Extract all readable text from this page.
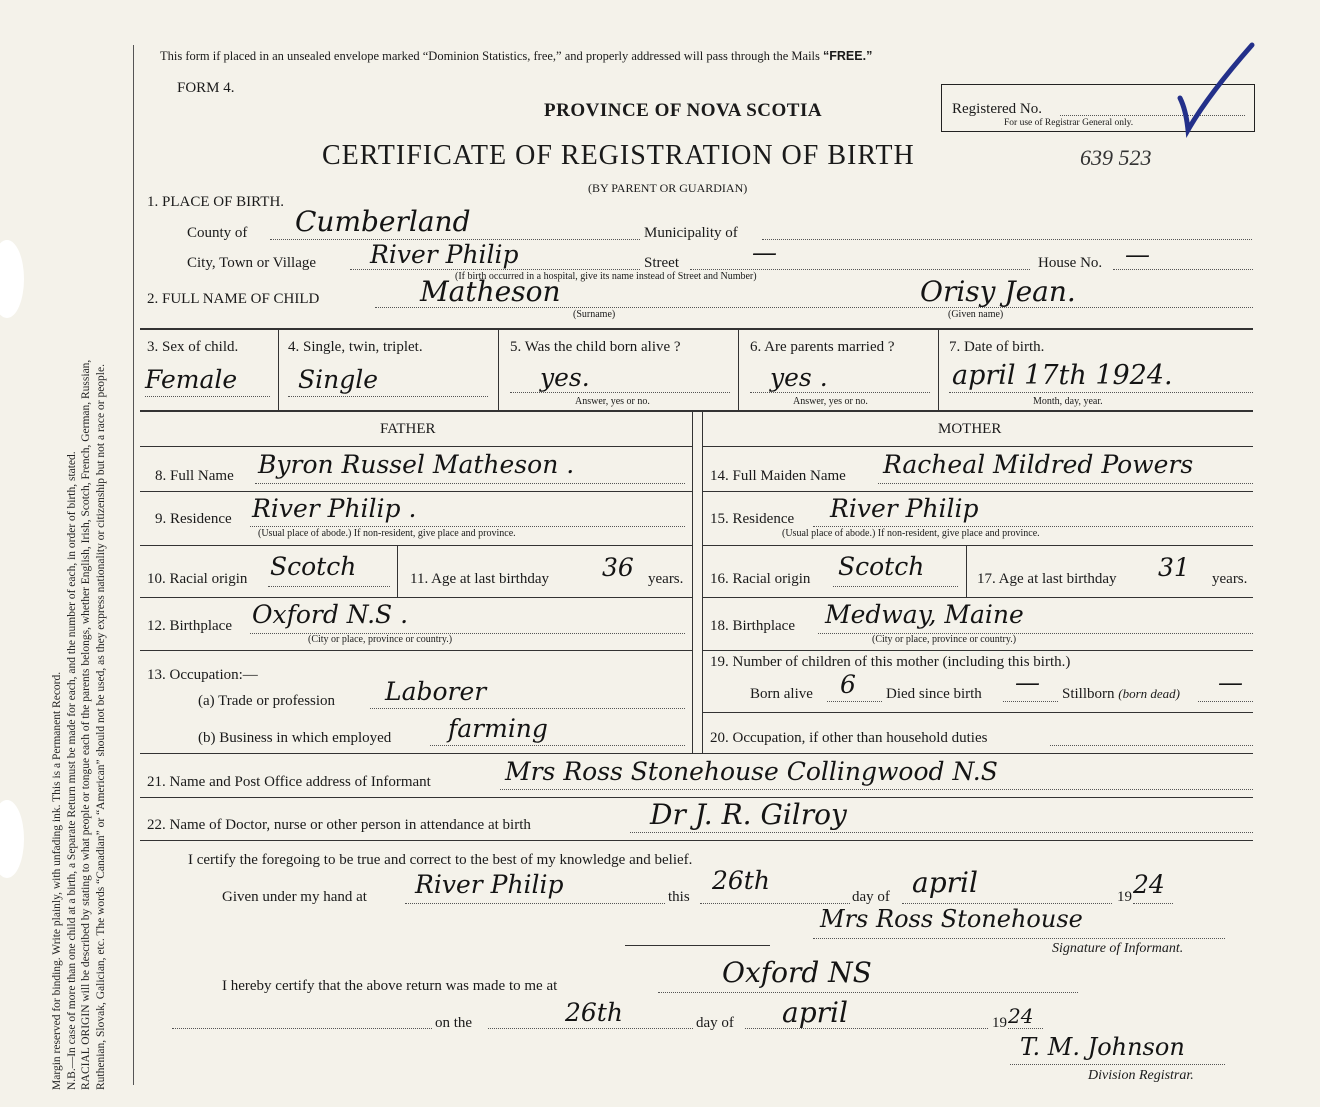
Margin reserved for binding. Write plainly, with unfading ink. This is a Permanent Record. N.B.—In case of more than one child at a birth, a Separate Return must be made for each, and the number of each, in order of birth, stated. RACIAL ORIGIN will be described by stating to what people or tongue each of the parents belongs, whether English, Irish, Scotch, French, German, Russian, Ruthenian, Slovak, Galician, etc. The words “Canadian” or “American” should not be used, as they express nationality or citizenship but not a race or people.
This form if placed in an unsealed envelope marked “Dominion Statistics, free,” and properly addressed will pass through the Mails “FREE.”
FORM 4.
PROVINCE OF NOVA SCOTIA	Registered No.
For use of Registrar General only.
CERTIFICATE OF REGISTRATION OF BIRTH	639 523
(BY PARENT OR GUARDIAN)
1. PLACE OF BIRTH.
County of Cumberland	Municipality of
City, Town or Village River Philip	Street	—	House No. —
(If birth occurred in a hospital, give its name instead of Street and Number)
2. FULL NAME OF CHILD	Matheson
(Surname)
Orisy Jean.
(Given name)
3. Sex of child.
Female
4. Single, twin, triplet.
Single
5. Was the child born alive ?
yes.
Answer, yes or no.
6. Are parents married ?
yes .
Answer, yes or no.
7. Date of birth.
april 17th 1924.
Month, day, year.
FATHER	MOTHER
8. Full Name Byron Russel Matheson .
9. Residence River Philip .
(Usual place of abode.) If non-resident, give place and province.
10. Racial origin Scotch	11. Age at last birthday 36 years.
12. Birthplace Oxford N.S .
(City or place, province or country.)
13. Occupation:—
(a) Trade or profession Laborer
(b) Business in which employed farming
14. Full Maiden Name Racheal Mildred Powers
15. Residence River Philip
(Usual place of abode.) If non-resident, give place and province.
16. Racial origin Scotch	17. Age at last birthday 31 years.
18. Birthplace Medway, Maine
(City or place, province or country.)
19. Number of children of this mother (including this birth.)
Born alive 6 Died since birth — Stillborn (born dead) —
20. Occupation, if other than household duties
21. Name and Post Office address of Informant	Mrs Ross Stonehouse Collingwood N.S
22. Name of Doctor, nurse or other person in attendance at birth	Dr J. R. Gilroy
I certify the foregoing to be true and correct to the best of my knowledge and belief.
Given under my hand at River Philip	this
26th
day of april	19 24
Mrs Ross Stonehouse
Signature of Informant.
I hereby certify that the above return was made to me at	Oxford NS
on the	26th	day of april	19 24
T. M. Johnson
Division Registrar.
